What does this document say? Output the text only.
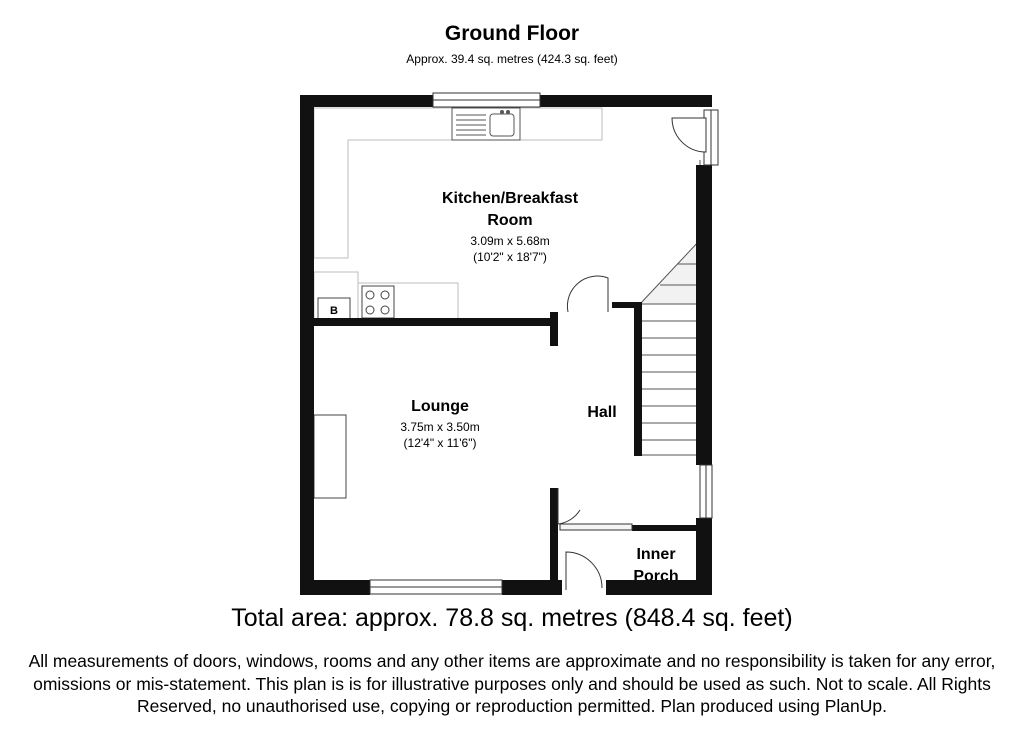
Ground Floor
Approx. 39.4 sq. metres (424.3 sq. feet)
B
Kitchen/Breakfast
Room
3.09m x 5.68m
(10'2" x 18'7")
Lounge
3.75m x 3.50m
(12'4" x 11'6")
Hall
Inner
Porch
Total area: approx. 78.8 sq. metres (848.4 sq. feet)
All measurements of doors, windows, rooms and any other items are approximate and no responsibility is taken for any error, omissions or mis-statement. This plan is is for illustrative purposes only and should be used as such. Not to scale. All Rights Reserved, no unauthorised use, copying or reproduction permitted. Plan produced using PlanUp.
